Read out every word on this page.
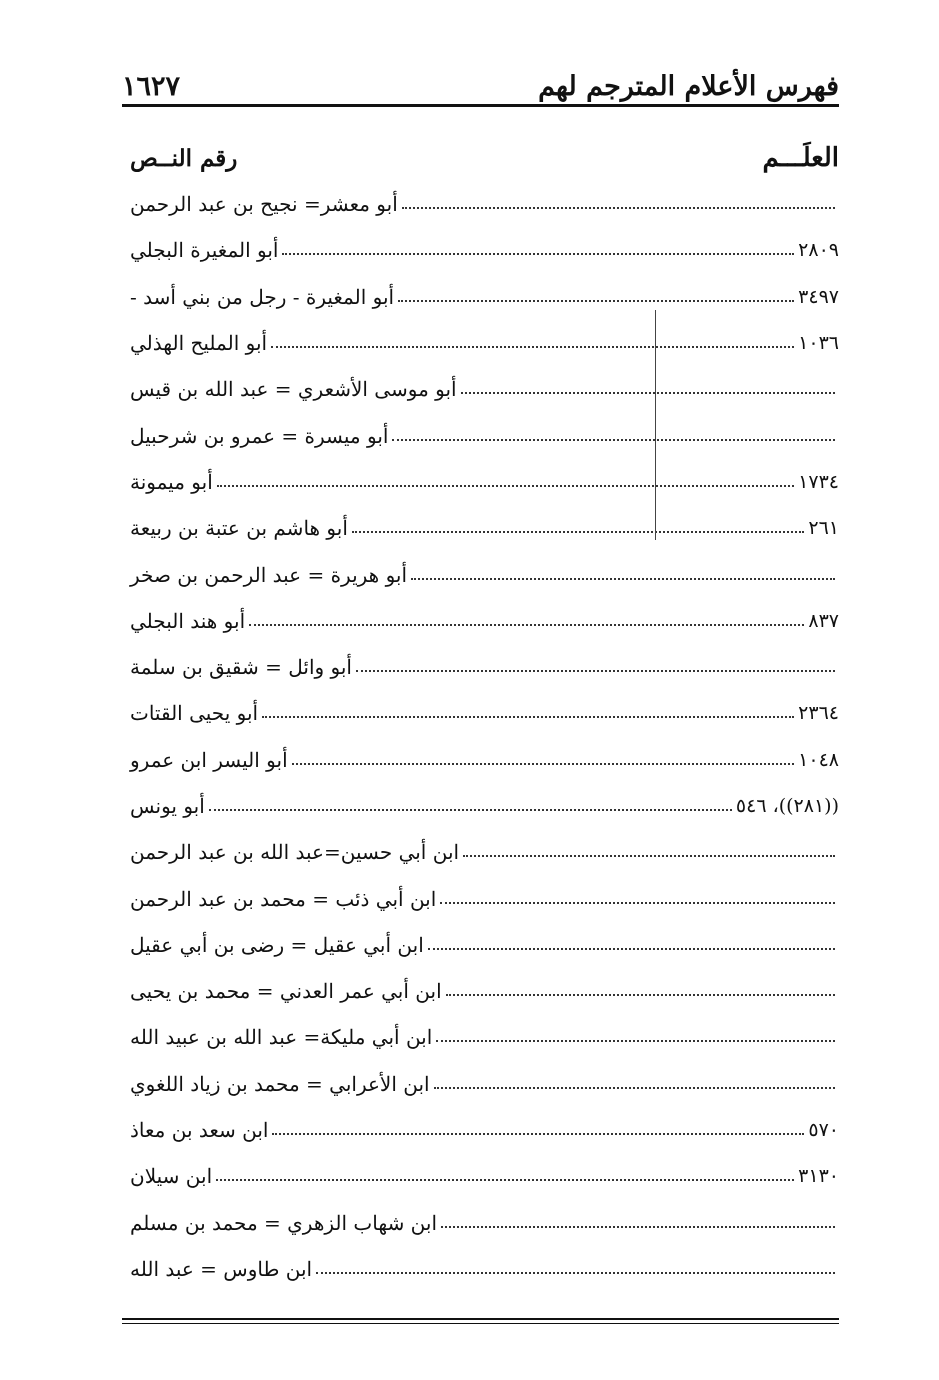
فهرس الأعلام المترجم لهم
١٦٢٧
العلَـــم
رقم النــص
أبو معشر= نجيح بن عبد الرحمن
أبو المغيرة البجلي	٢٨٠٩
أبو المغيرة - رجل من بني أسد -	٣٤٩٧
أبو المليح الهذلي	١٠٣٦
أبو موسى الأشعري = عبد الله بن قيس
أبو ميسرة = عمرو بن شرحبيل
أبو ميمونة	١٧٣٤
أبو هاشم بن عتبة بن ربيعة	٢٦١
أبو هريرة = عبد الرحمن بن صخر
أبو هند البجلي	٨٣٧
أبو وائل = شقيق بن سلمة
أبو يحيى القتات	٢٣٦٤
أبو اليسر ابن عمرو	١٠٤٨
أبو يونس	((٢٨١))، ٥٤٦
ابن أبي حسين=عبد الله بن عبد الرحمن
ابن أبي ذئب = محمد بن عبد الرحمن
ابن أبي عقيل = رضى بن أبي عقيل
ابن أبي عمر العدني = محمد بن يحيى
ابن أبي مليكة= عبد الله بن عبيد الله
ابن الأعرابي = محمد بن زياد اللغوي
ابن سعد بن معاذ	٥٧٠
ابن سيلان	٣١٣٠
ابن شهاب الزهري = محمد بن مسلم
ابن طاوس = عبد الله
